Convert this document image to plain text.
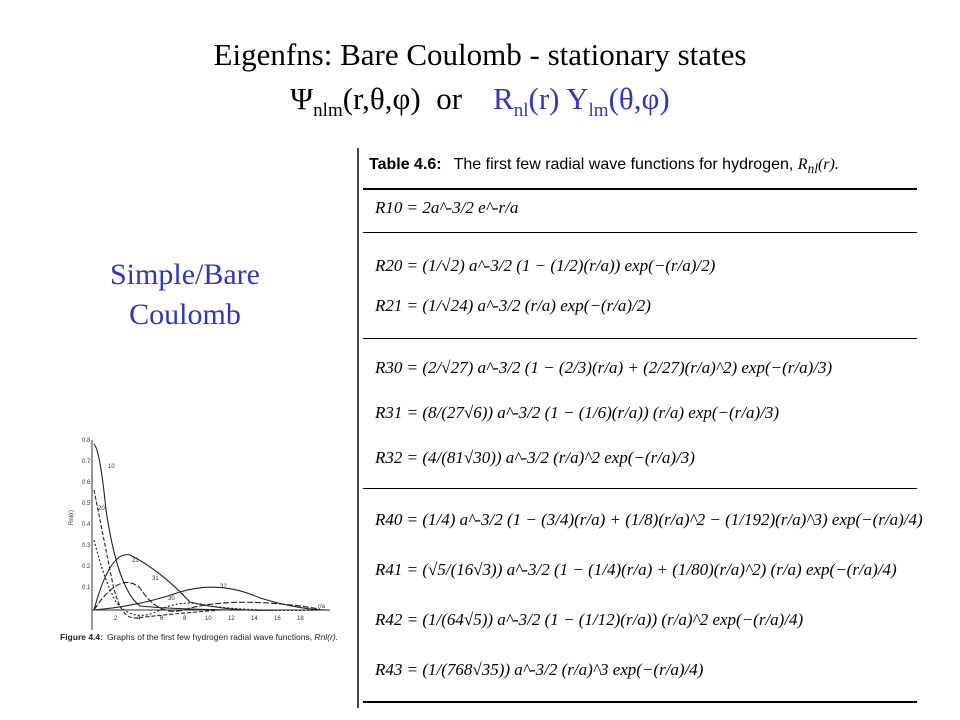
Eigenfns: Bare Coulomb - stationary states
$\Psi_{nlm}(r,\theta,\varphi)$ or $R_{nl}(r)$ $Y_{lm}(\theta,\varphi)$
Simple/Bare
Coulomb
Table 4.6: The first few radial wave functions for hydrogen, $R_{nl}(r)$.
R10 = 2a^-3/2 e^-r/a
R20 = (1/√2) a^-3/2 (1 − (1/2)(r/a)) exp(−(r/a)/2)
R21 = (1/√24) a^-3/2 (r/a) exp(−(r/a)/2)
R30 = (2/√27) a^-3/2 (1 − (2/3)(r/a) + (2/27)(r/a)^2) exp(−(r/a)/3)
R31 = (8/(27√6)) a^-3/2 (1 − (1/6)(r/a)) (r/a) exp(−(r/a)/3)
R32 = (4/(81√30)) a^-3/2 (r/a)^2 exp(−(r/a)/3)
R40 = (1/4) a^-3/2 (1 − (3/4)(r/a) + (1/8)(r/a)^2 − (1/192)(r/a)^3) exp(−(r/a)/4)
R41 = (√5/(16√3)) a^-3/2 (1 − (1/4)(r/a) + (1/80)(r/a)^2) (r/a) exp(−(r/a)/4)
R42 = (1/(64√5)) a^-3/2 (1 − (1/12)(r/a)) (r/a)^2 exp(−(r/a)/4)
R43 = (1/(768√35)) a^-3/2 (r/a)^3 exp(−(r/a)/4)
0.8
0.7
0.6
0.5
0.4
0.3
0.2
0.1
Rnl(r)
2	4	6	8	10	12	14	16	18
r/a
10
20
21
30
31
32
Figure 4.4: Graphs of the first few hydrogen radial wave functions, Rnl(r).
